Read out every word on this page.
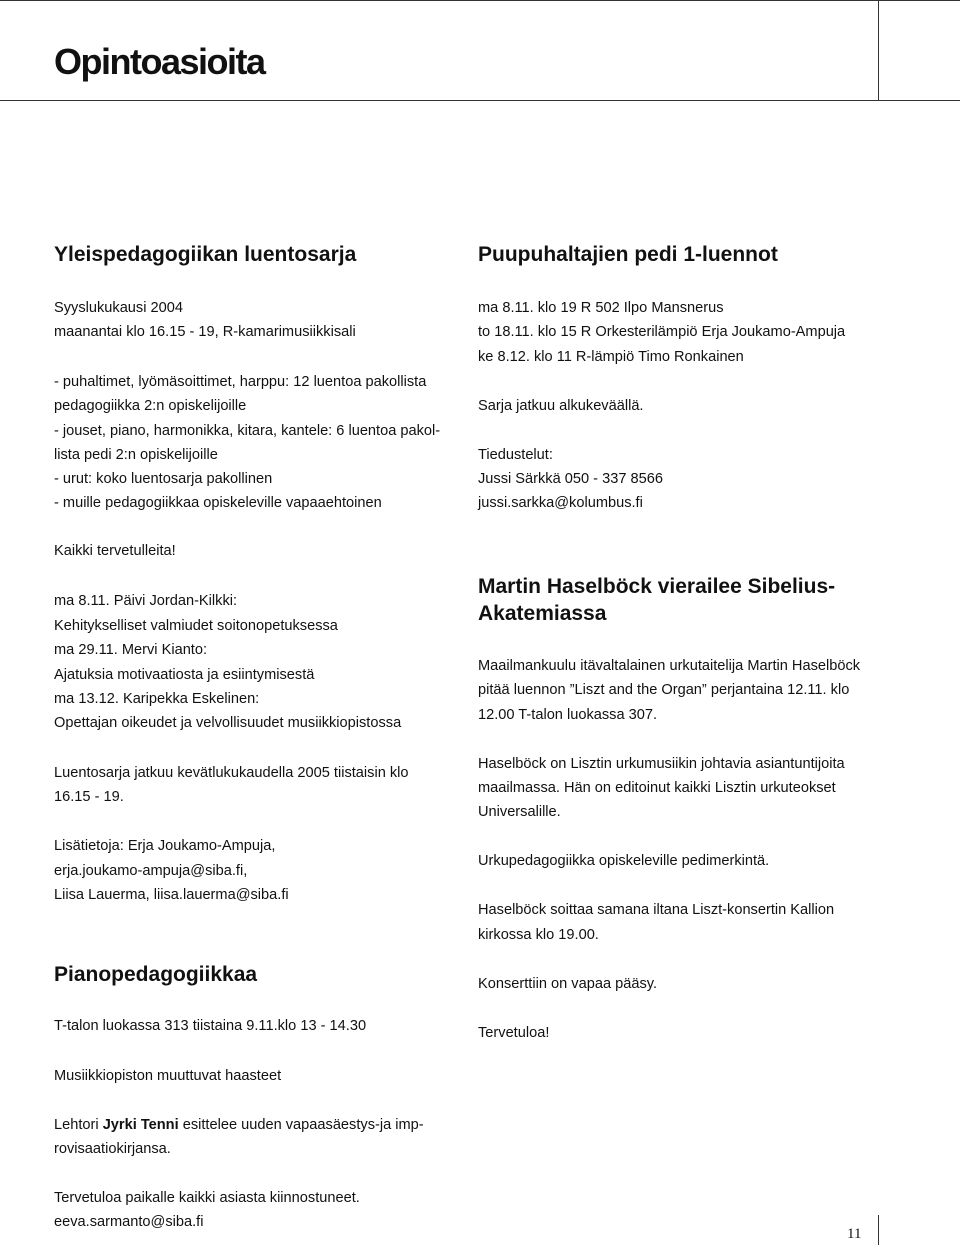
Opintoasioita
Yleispedagogiikan luentosarja

Syyslukukausi 2004

maanantai klo 16.15 - 19, R-kamarimusiikkisali

- puhaltimet, lyömäsoittimet, harppu: 12 luentoa pakollista

pedagogiikka 2:n opiskelijoille

- jouset, piano, harmonikka, kitara, kantele: 6 luentoa pakol-

lista pedi 2:n opiskelijoille

- urut: koko luentosarja pakollinen

- muille pedagogiikkaa opiskeleville vapaaehtoinen

Kaikki tervetulleita!

ma 8.11. Päivi Jordan-Kilkki:

Kehitykselliset valmiudet soitonopetuksessa

ma 29.11. Mervi Kianto:

Ajatuksia motivaatiosta ja esiintymisestä

ma 13.12. Karipekka Eskelinen:

Opettajan oikeudet ja velvollisuudet musiikkiopistossa

Luentosarja jatkuu kevätlukukaudella 2005 tiistaisin klo

16.15 - 19.

Lisätietoja: Erja Joukamo-Ampuja,

erja.joukamo-ampuja@siba.fi,

Liisa Lauerma, liisa.lauerma@siba.fi

Pianopedagogiikkaa

T-talon luokassa 313 tiistaina 9.11.klo 13 - 14.30

Musiikkiopiston muuttuvat haasteet

Lehtori Jyrki Tenni esittelee uuden vapaasäestys-ja imp-

rovisaatiokirjansa.

Tervetuloa paikalle kaikki asiasta kiinnostuneet.

eeva.sarmanto@siba.fi

Puupuhaltajien pedi 1-luennot

ma 8.11. klo 19 R 502 Ilpo Mansnerus

to 18.11. klo 15 R Orkesterilämpiö Erja Joukamo-Ampuja

ke 8.12. klo 11 R-lämpiö Timo Ronkainen

Sarja jatkuu alkukeväällä.

Tiedustelut:

Jussi Särkkä 050 - 337 8566

jussi.sarkka@kolumbus.fi

Martin Haselböck vierailee Sibelius-
Akatemiassa

Maailmankuulu itävaltalainen urkutaitelija Martin Haselböck

pitää luennon ”Liszt and the Organ” perjantaina 12.11. klo

12.00 T-talon luokassa 307.

Haselböck on Lisztin urkumusiikin johtavia asiantuntijoita

maailmassa. Hän on editoinut kaikki Lisztin urkuteokset

Universalille.

Urkupedagogiikka opiskeleville pedimerkintä.

Haselböck soittaa samana iltana Liszt-konsertin Kallion

kirkossa klo 19.00.

Konserttiin on vapaa pääsy.

Tervetuloa!

11
